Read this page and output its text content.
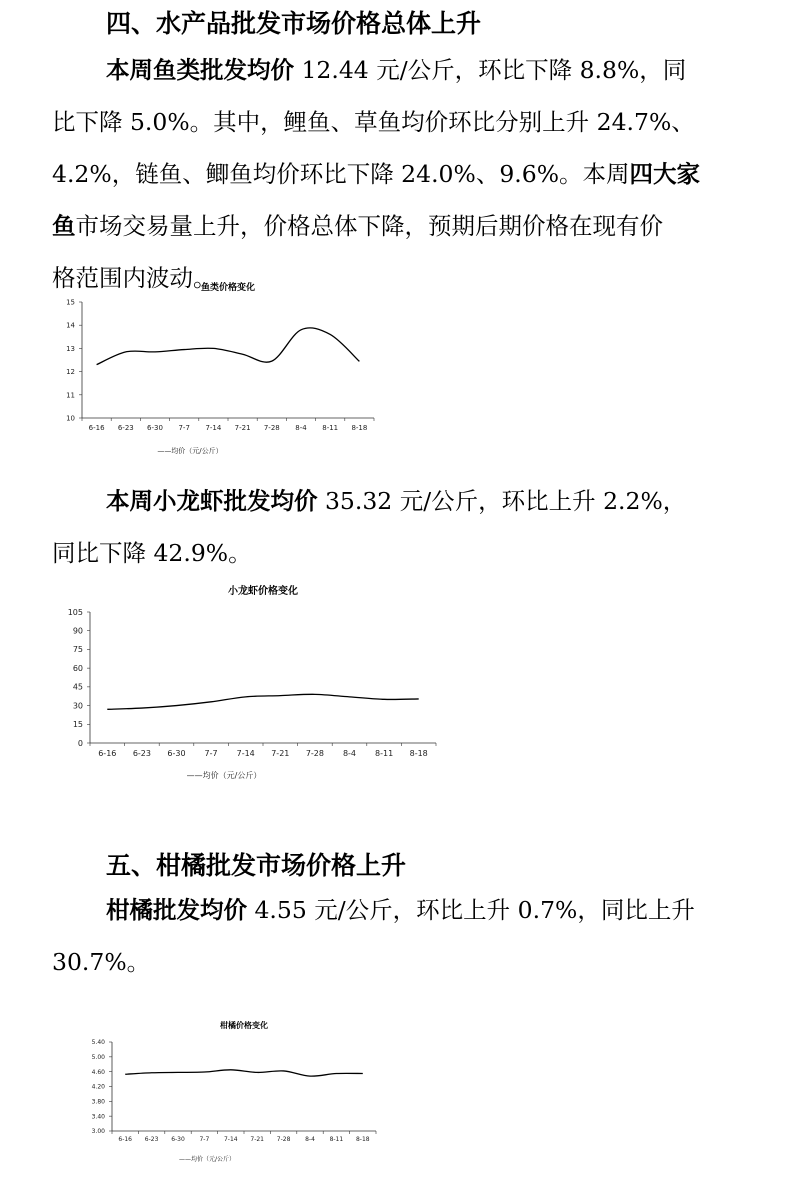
四、水产品批发市场价格总体上升
本周鱼类批发均价 12.44 元/公斤，环比下降 8.8%，同
比下降 5.0%。其中，鲤鱼、草鱼均价环比分别上升 24.7%、
4.2%，链鱼、鲫鱼均价环比下降 24.0%、9.6%。本周四大家
鱼市场交易量上升，价格总体下降，预期后期价格在现有价
格范围内波动。
鱼类价格变化
10
11
12
13
14
15
6-16 6-23 6-30 7-7 7-14 7-21 7-28 8-4 8-11 8-18
——均价（元/公斤）
本周小龙虾批发均价 35.32 元/公斤，环比上升 2.2%，
同比下降 42.9%。
小龙虾价格变化
0
15
30
45
60
75
90
105
6-16 6-23 6-30 7-7 7-14 7-21 7-28 8-4 8-11 8-18
——均价（元/公斤）
五、柑橘批发市场价格上升
柑橘批发均价 4.55 元/公斤，环比上升 0.7%，同比上升
30.7%。
柑橘价格变化
3.00
3.40
3.80
4.20
4.60
5.00
5.40
6-16 6-23 6-30 7-7 7-14 7-21 7-28 8-4 8-11 8-18
——均价（元/公斤）
